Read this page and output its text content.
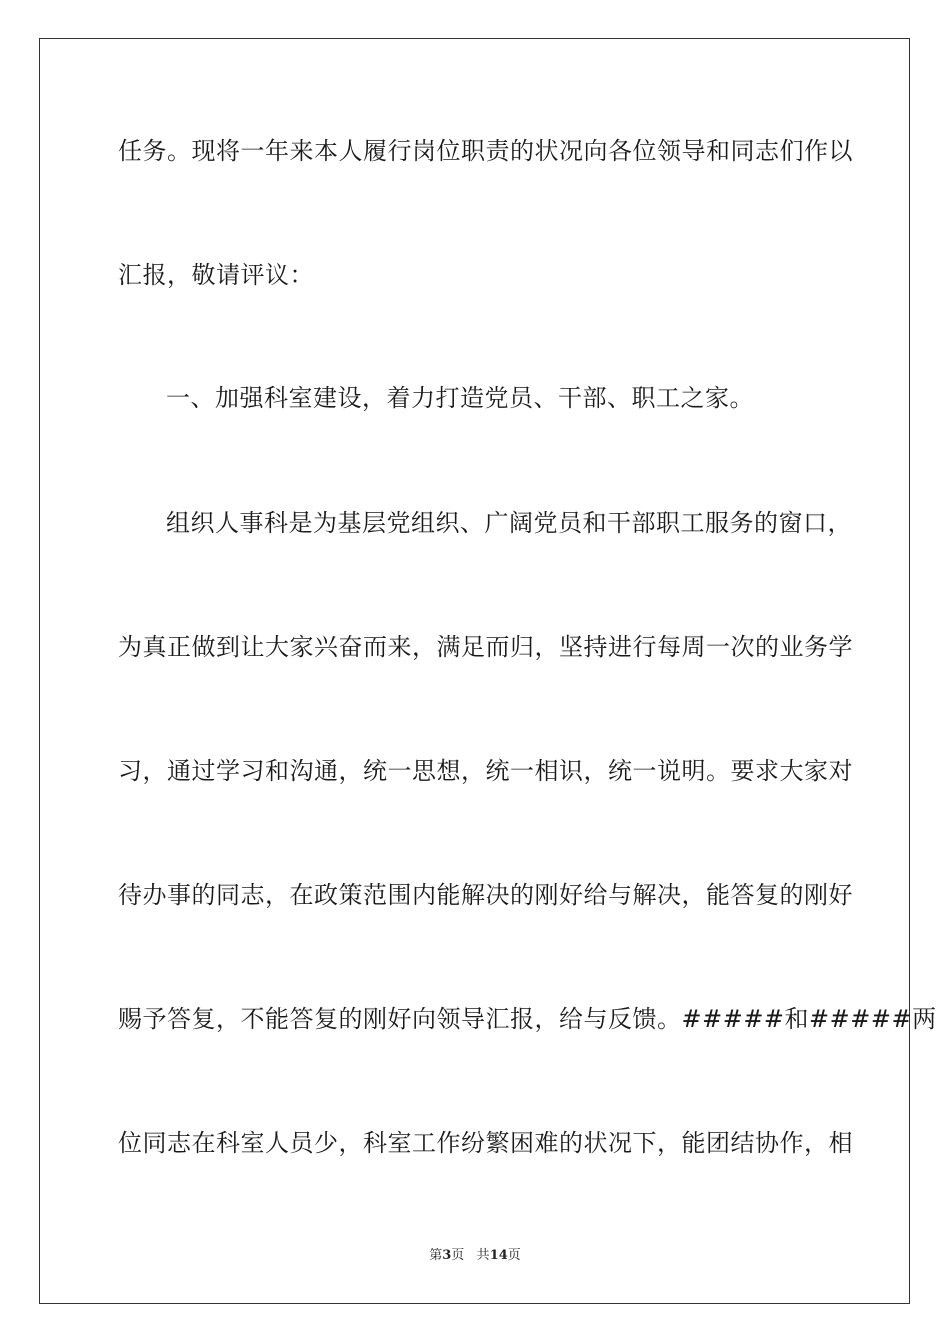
任务。现将一年来本人履行岗位职责的状况向各位领导和同志们作以
汇报，敬请评议：
一、加强科室建设，着力打造党员、干部、职工之家。
组织人事科是为基层党组织、广阔党员和干部职工服务的窗口，
为真正做到让大家兴奋而来，满足而归，坚持进行每周一次的业务学
习，通过学习和沟通，统一思想，统一相识，统一说明。要求大家对
待办事的同志，在政策范围内能解决的刚好给与解决，能答复的刚好
赐予答复，不能答复的刚好向领导汇报，给与反馈。#####和#####两
位同志在科室人员少，科室工作纷繁困难的状况下，能团结协作，相
第3页 共14页
